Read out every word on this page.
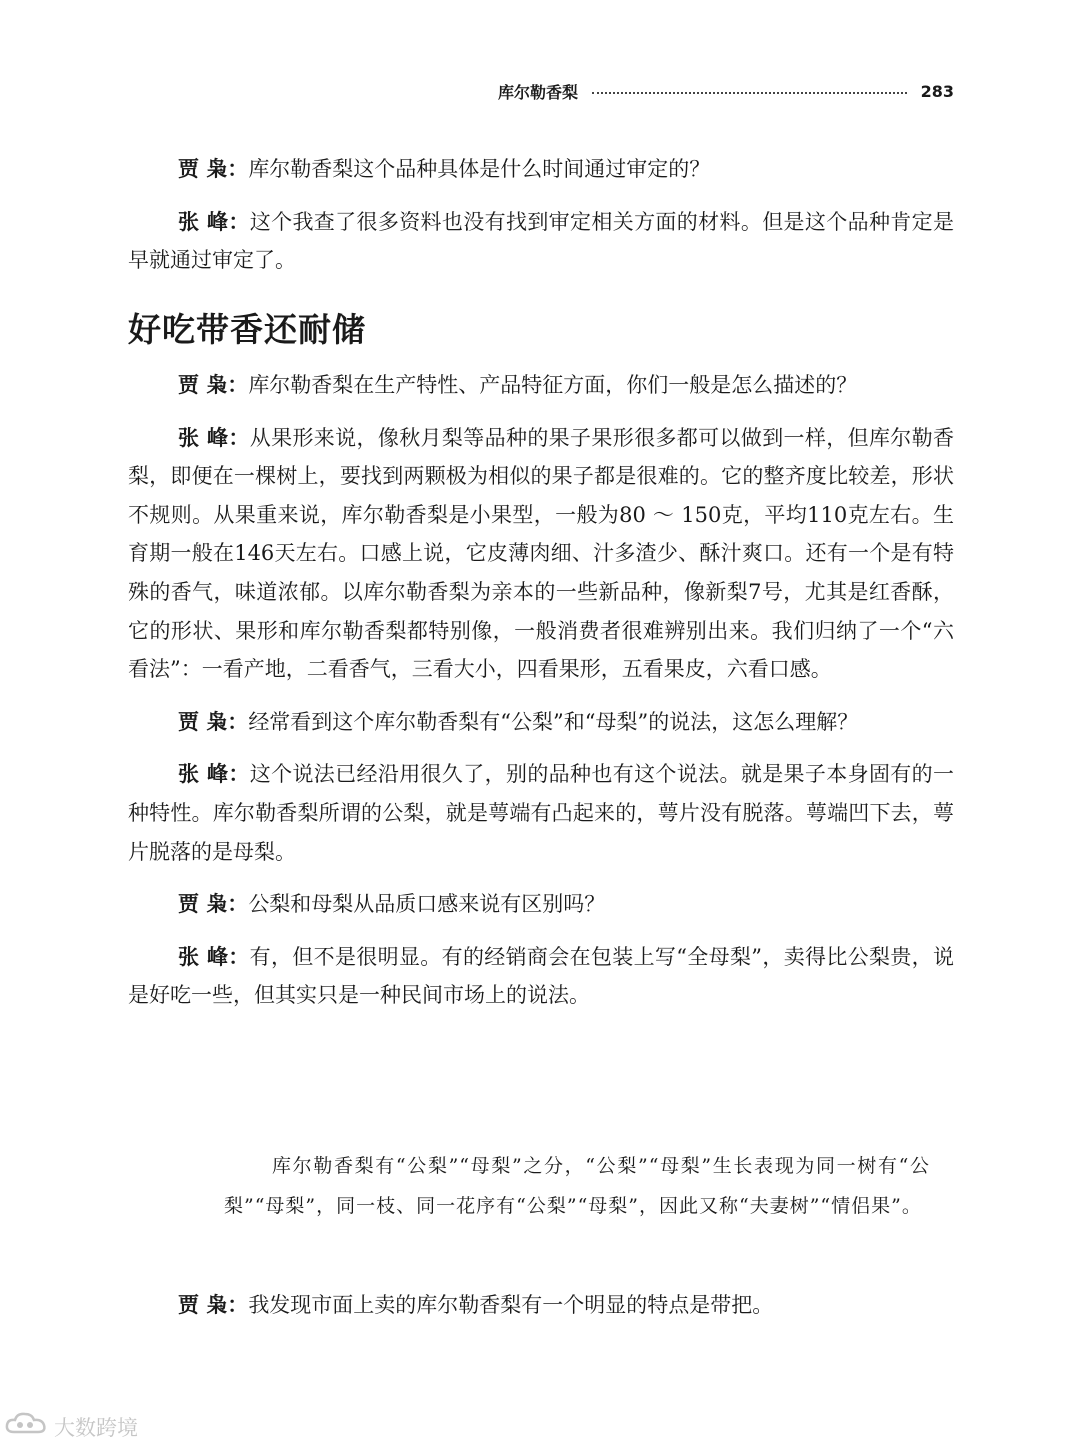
库尔勒香梨	283

贾 枭：库尔勒香梨这个品种具体是什么时间通过审定的？

张 峰：这个我查了很多资料也没有找到审定相关方面的材料。但是这个品种肯定是早就通过审定了。

好吃带香还耐储

贾 枭：库尔勒香梨在生产特性、产品特征方面，你们一般是怎么描述的？

张 峰：从果形来说，像秋月梨等品种的果子果形很多都可以做到一样，但库尔勒香梨，即便在一棵树上，要找到两颗极为相似的果子都是很难的。它的整齐度比较差，形状不规则。从果重来说，库尔勒香梨是小果型，一般为80 ～ 150克，平均110克左右。生育期一般在146天左右。口感上说，它皮薄肉细、汁多渣少、酥汁爽口。还有一个是有特殊的香气，味道浓郁。以库尔勒香梨为亲本的一些新品种，像新梨7号，尤其是红香酥，它的形状、果形和库尔勒香梨都特别像，一般消费者很难辨别出来。我们归纳了一个“六看法”：一看产地，二看香气，三看大小，四看果形，五看果皮，六看口感。

贾 枭：经常看到这个库尔勒香梨有“公梨”和“母梨”的说法，这怎么理解？

张 峰：这个说法已经沿用很久了，别的品种也有这个说法。就是果子本身固有的一种特性。库尔勒香梨所谓的公梨，就是萼端有凸起来的，萼片没有脱落。萼端凹下去，萼片脱落的是母梨。

贾 枭：公梨和母梨从品质口感来说有区别吗？

张 峰：有，但不是很明显。有的经销商会在包装上写“全母梨”，卖得比公梨贵，说是好吃一些，但其实只是一种民间市场上的说法。

库尔勒香梨有“公梨”“母梨”之分，“公梨”“母梨”生长表现为同一树有“公梨”“母梨”，同一枝、同一花序有“公梨”“母梨”，因此又称“夫妻树”“情侣果”。

贾 枭：我发现市面上卖的库尔勒香梨有一个明显的特点是带把。

大数跨境
